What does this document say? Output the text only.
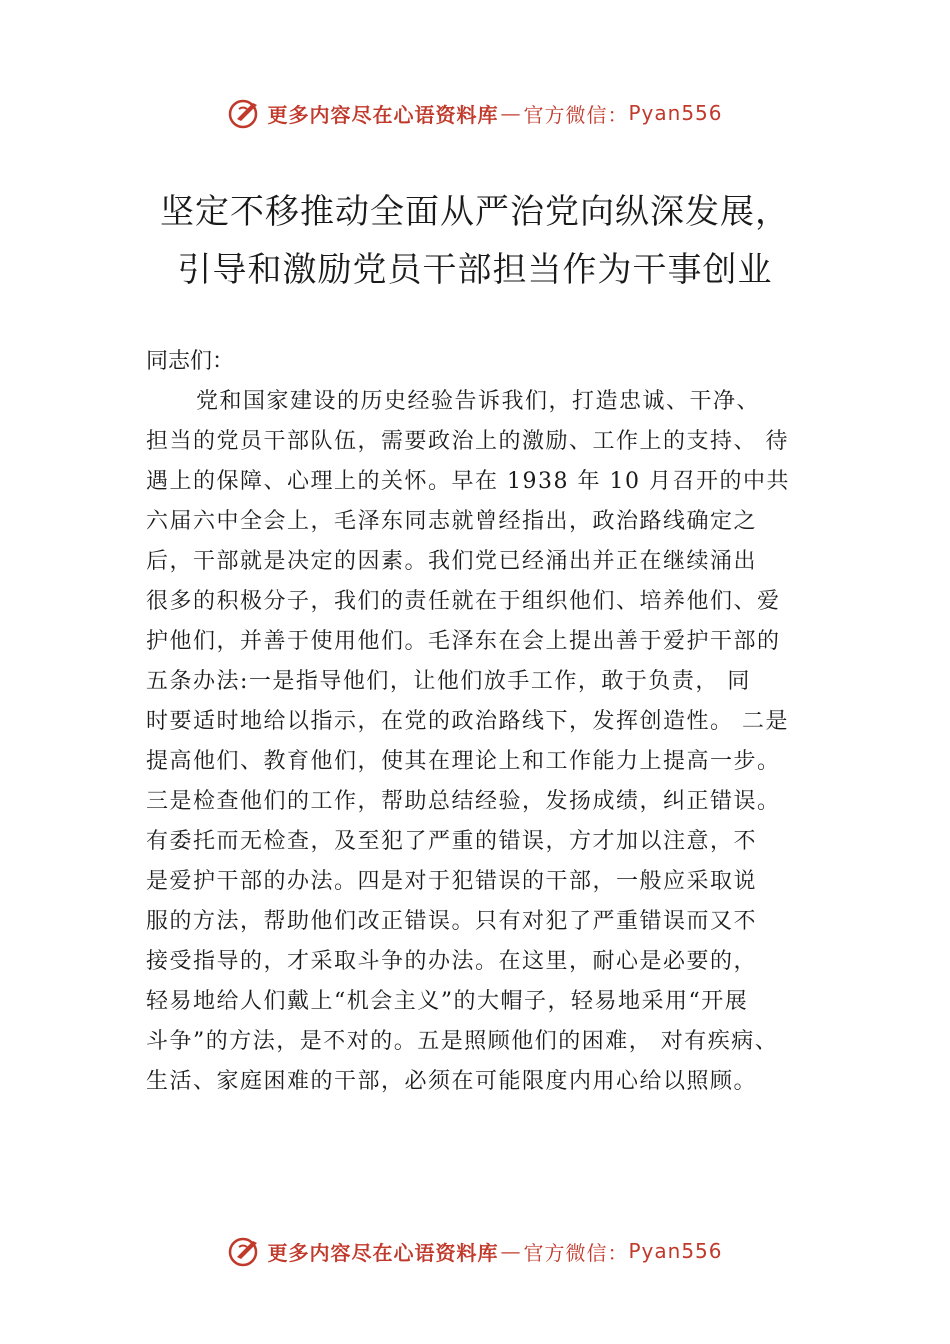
更多内容尽在心语资料库 — 官方微信： Pyan556
坚定不移推动全面从严治党向纵深发展，
引导和激励党员干部担当作为干事创业
同志们：
党和国家建设的历史经验告诉我们，打造忠诚、干净、
担当的党员干部队伍，需要政治上的激励、工作上的支持、 待
遇上的保障、心理上的关怀。早在 1938 年 10 月召开的中共
六届六中全会上，毛泽东同志就曾经指出，政治路线确定之
后，干部就是决定的因素。我们党已经涌出并正在继续涌出
很多的积极分子，我们的责任就在于组织他们、培养他们、爱
护他们，并善于使用他们。毛泽东在会上提出善于爱护干部的
五条办法:一是指导他们，让他们放手工作，敢于负责， 同
时要适时地给以指示，在党的政治路线下，发挥创造性。 二是
提高他们、教育他们，使其在理论上和工作能力上提高一步。
三是检查他们的工作，帮助总结经验，发扬成绩，纠正错误。
有委托而无检查，及至犯了严重的错误，方才加以注意，不
是爱护干部的办法。四是对于犯错误的干部，一般应采取说
服的方法，帮助他们改正错误。只有对犯了严重错误而又不
接受指导的，才采取斗争的办法。在这里，耐心是必要的，
轻易地给人们戴上“机会主义”的大帽子，轻易地采用“开展
斗争”的方法，是不对的。五是照顾他们的困难， 对有疾病、
生活、家庭困难的干部，必须在可能限度内用心给以照顾。
更多内容尽在心语资料库 — 官方微信： Pyan556
